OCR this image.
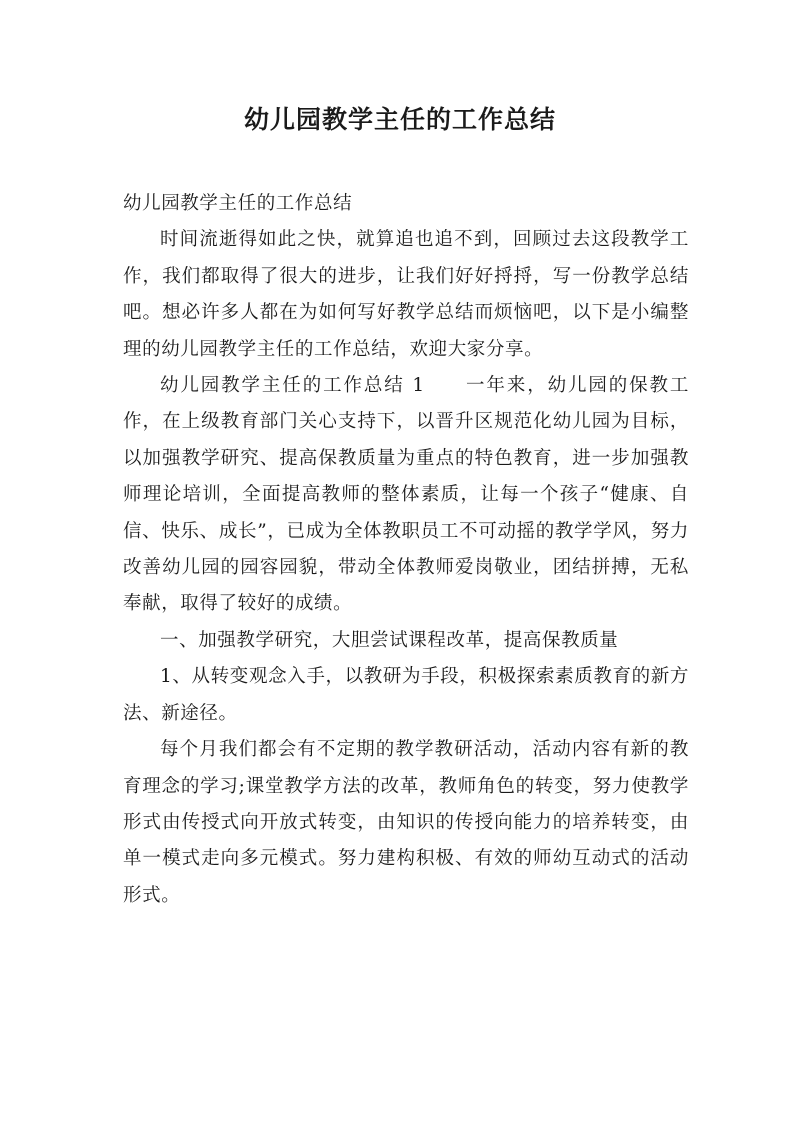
幼儿园教学主任的工作总结

幼儿园教学主任的工作总结

时间流逝得如此之快，就算追也追不到，回顾过去这段教学工作，我们都取得了很大的进步，让我们好好捋捋，写一份教学总结吧。想必许多人都在为如何写好教学总结而烦恼吧，以下是小编整理的幼儿园教学主任的工作总结，欢迎大家分享。

幼儿园教学主任的工作总结 1 一年来，幼儿园的保教工作，在上级教育部门关心支持下，以晋升区规范化幼儿园为目标，以加强教学研究、提高保教质量为重点的特色教育，进一步加强教师理论培训，全面提高教师的整体素质，让每一个孩子“健康、自信、快乐、成长”，已成为全体教职员工不可动摇的教学学风，努力改善幼儿园的园容园貌，带动全体教师爱岗敬业，团结拼搏，无私奉献，取得了较好的成绩。

一、加强教学研究，大胆尝试课程改革，提高保教质量

1、从转变观念入手，以教研为手段，积极探索素质教育的新方法、新途径。

每个月我们都会有不定期的教学教研活动，活动内容有新的教育理念的学习;课堂教学方法的改革，教师角色的转变，努力使教学形式由传授式向开放式转变，由知识的传授向能力的培养转变，由单一模式走向多元模式。努力建构积极、有效的师幼互动式的活动形式。
